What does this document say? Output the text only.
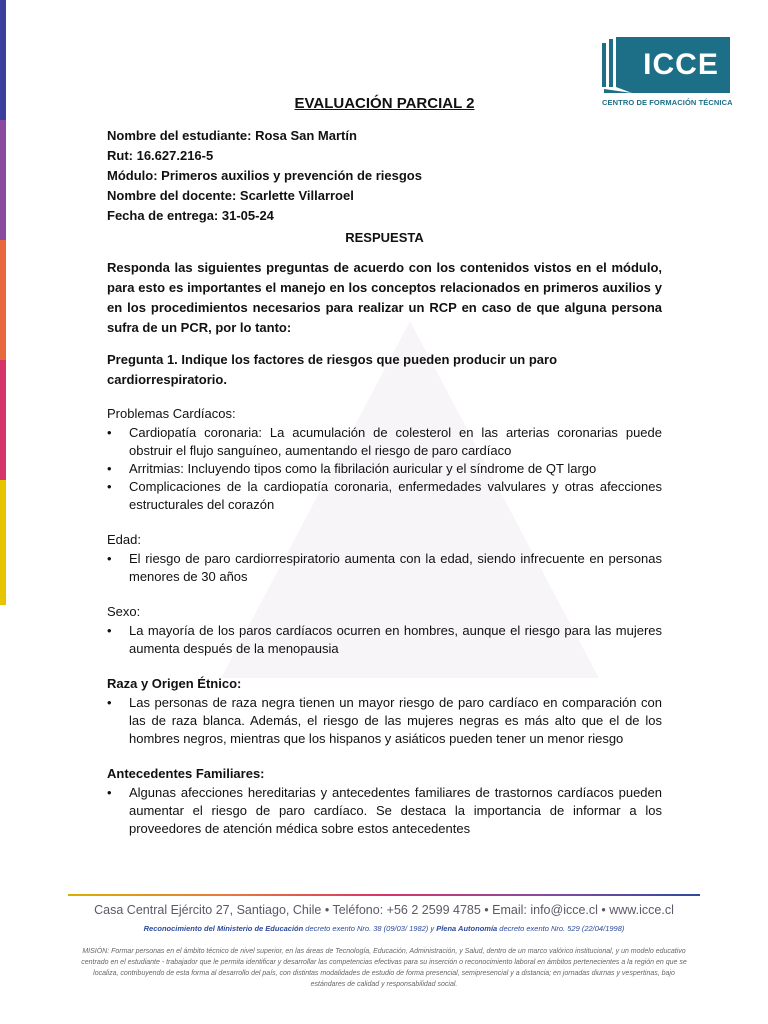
ICCE
CENTRO DE FORMACIÓN TÉCNICA
EVALUACIÓN PARCIAL 2

Nombre del estudiante: Rosa San Martín

Rut: 16.627.216-5

Módulo: Primeros auxilios y prevención de riesgos

Nombre del docente: Scarlette Villarroel

Fecha de entrega: 31-05-24

RESPUESTA

Responda las siguientes preguntas de acuerdo con los contenidos vistos en el módulo, para esto es importantes el manejo en los conceptos relacionados en primeros auxilios y en los procedimientos necesarios para realizar un RCP en caso de que alguna persona sufra de un PCR, por lo tanto:

Pregunta 1. Indique los factores de riesgos que pueden producir un paro cardiorrespiratorio.

Problemas Cardíacos:
• Cardiopatía coronaria: La acumulación de colesterol en las arterias coronarias puede obstruir el flujo sanguíneo, aumentando el riesgo de paro cardíaco
• Arritmias: Incluyendo tipos como la fibrilación auricular y el síndrome de QT largo
• Complicaciones de la cardiopatía coronaria, enfermedades valvulares y otras afecciones estructurales del corazón
Edad:
• El riesgo de paro cardiorrespiratorio aumenta con la edad, siendo infrecuente en personas menores de 30 años
Sexo:
• La mayoría de los paros cardíacos ocurren en hombres, aunque el riesgo para las mujeres aumenta después de la menopausia
Raza y Origen Étnico:
• Las personas de raza negra tienen un mayor riesgo de paro cardíaco en comparación con las de raza blanca. Además, el riesgo de las mujeres negras es más alto que el de los hombres negros, mientras que los hispanos y asiáticos pueden tener un menor riesgo
Antecedentes Familiares:
• Algunas afecciones hereditarias y antecedentes familiares de trastornos cardíacos pueden aumentar el riesgo de paro cardíaco. Se destaca la importancia de informar a los proveedores de atención médica sobre estos antecedentes
Casa Central Ejército 27, Santiago, Chile • Teléfono: +56 2 2599 4785 • Email: info@icce.cl • www.icce.cl
Reconocimiento del Ministerio de Educación decreto exento Nro. 38 (09/03/ 1982) y Plena Autonomía decreto exento Nro. 529 (22/04/1998)
MISIÓN: Formar personas en el ámbito técnico de nivel superior, en las áreas de Tecnología, Educación, Administración, y Salud, dentro de un marco valórico institucional, y un modelo educativo centrado en el estudiante - trabajador que le permita identificar y desarrollar las competencias efectivas para su inserción o reconocimiento laboral en ámbitos pertenecientes a la región en que se localiza, contribuyendo de esta forma al desarrollo del país, con distintas modalidades de estudio de forma presencial, semipresencial y a distancia; en jornadas diurnas y vespertinas, bajo estándares de calidad y responsabilidad social.
